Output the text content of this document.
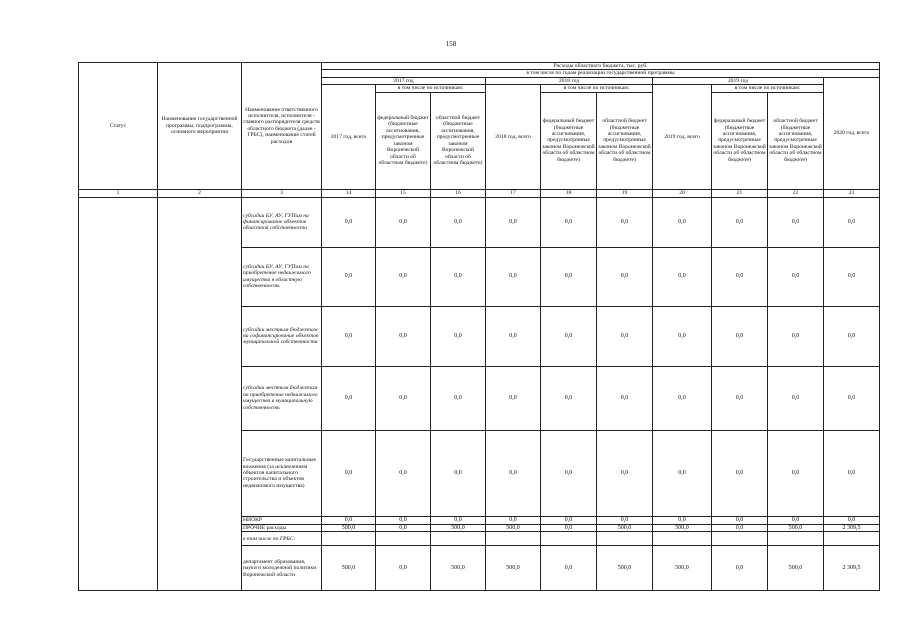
158
Статус	Наименование государственной программы, подпрограммы, основного мероприятия	Наименование ответственного исполнителя, исполнителя - главного распорядителя средств областного бюджета (далее - ГРБС), наименование статей расходов	Расходы областного бюджета, тыс. руб.									
			в том числе по годам реализации государственной программы									
			2017 год			2018 год			2019 год			2020 год, всего
			2017 год, всего	в том числе по источникам:		2018 год, всего	в том числе по источникам:		2019 год, всего	в том числе по источникам:		
				федеральный бюджет (бюджетные ассигнования, предусмотренные законом Воронежской области об областном бюджете)	областной бюджет (бюджетные ассигнования, предусмотренные законом Воронежской области об областном бюджете)		федеральный бюджет (бюджетные ассигнования, предусмотренные законом Воронежской области об областном бюджете)	областной бюджет (бюджетные ассигнования, предусмотренные законом Воронежской области об областном бюджете)		федеральный бюджет (бюджетные ассигнования, предусмотренные законом Воронежской области об областном бюджете)	областной бюджет (бюджетные ассигнования, предусмотренные законом Воронежской области об областном бюджете)	
1	2	3	14	15	16	17	18	19	20	21	22	23
		субсидии БУ, АУ, ГУПам на финансирование объектов областной собственности	0,0	0,0	0,0	0,0	0,0	0,0	0,0	0,0	0,0	0,0
		субсидии БУ, АУ, ГУПам на приобретение недвижимого имущества в областную собственность	0,0	0,0	0,0	0,0	0,0	0,0	0,0	0,0	0,0	0,0
		субсидии местным бюджетам на софинансирование объектов муниципальной собственности	0,0	0,0	0,0	0,0	0,0	0,0	0,0	0,0	0,0	0,0
		субсидии местным бюджетам на приобретение недвижимого имущества в муниципальную собственность	0,0	0,0	0,0	0,0	0,0	0,0	0,0	0,0	0,0	0,0
		Государственные капитальные вложения (за исключением объектов капитального строительства и объектов недвижимого имущества)	0,0	0,0	0,0	0,0	0,0	0,0	0,0	0,0	0,0	0,0
		НИОКР	0,0	0,0	0,0	0,0	0,0	0,0	0,0	0,0	0,0	0,0
		ПРОЧИЕ расходы	500,0	0,0	500,0	500,0	0,0	500,0	500,0	0,0	500,0	2 309,5
		в том числе по ГРБС:										
		департамент образования, науки и молодежной политики Воронежской области	500,0	0,0	500,0	500,0	0,0	500,0	500,0	0,0	500,0	2 309,5
